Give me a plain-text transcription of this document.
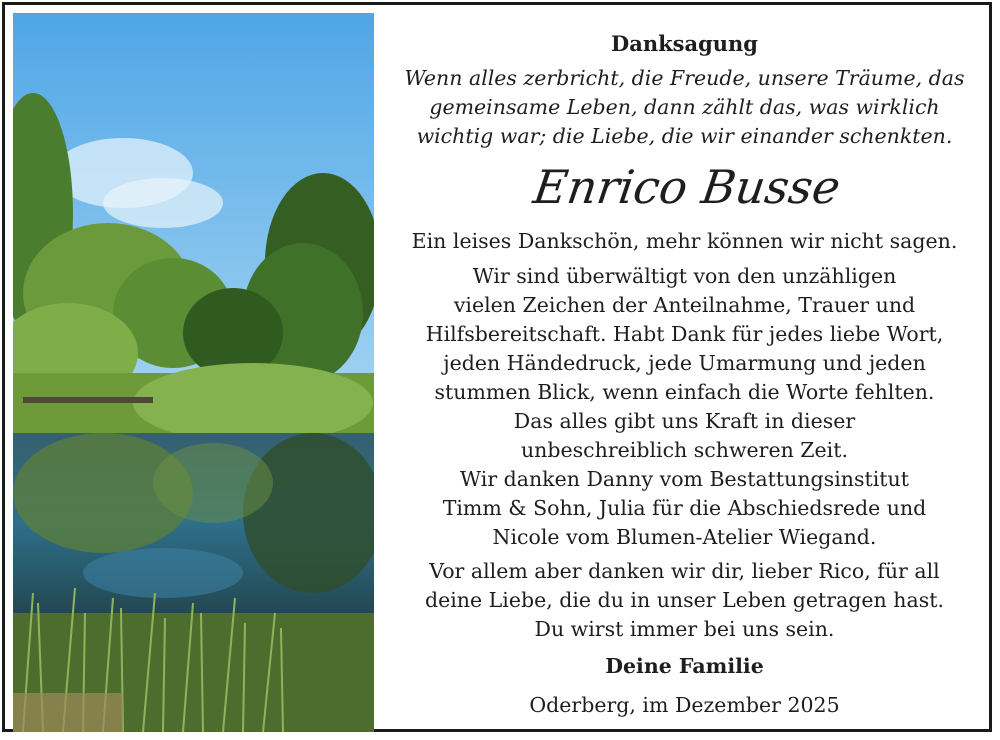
Danksagung
Wenn alles zerbricht, die Freude, unsere Träume, das
gemeinsame Leben, dann zählt das, was wirklich
wichtig war; die Liebe, die wir einander schenkten.
Enrico Busse
Ein leises Dankschön, mehr können wir nicht sagen.
Wir sind überwältigt von den unzähligen
vielen Zeichen der Anteilnahme, Trauer und
Hilfsbereitschaft. Habt Dank für jedes liebe Wort,
jeden Händedruck, jede Umarmung und jeden
stummen Blick, wenn einfach die Worte fehlten.
Das alles gibt uns Kraft in dieser
unbeschreiblich schweren Zeit.
Wir danken Danny vom Bestattungsinstitut
Timm & Sohn, Julia für die Abschiedsrede und
Nicole vom Blumen-Atelier Wiegand.
Vor allem aber danken wir dir, lieber Rico, für all
deine Liebe, die du in unser Leben getragen hast.
Du wirst immer bei uns sein.
Deine Familie
Oderberg, im Dezember 2025
